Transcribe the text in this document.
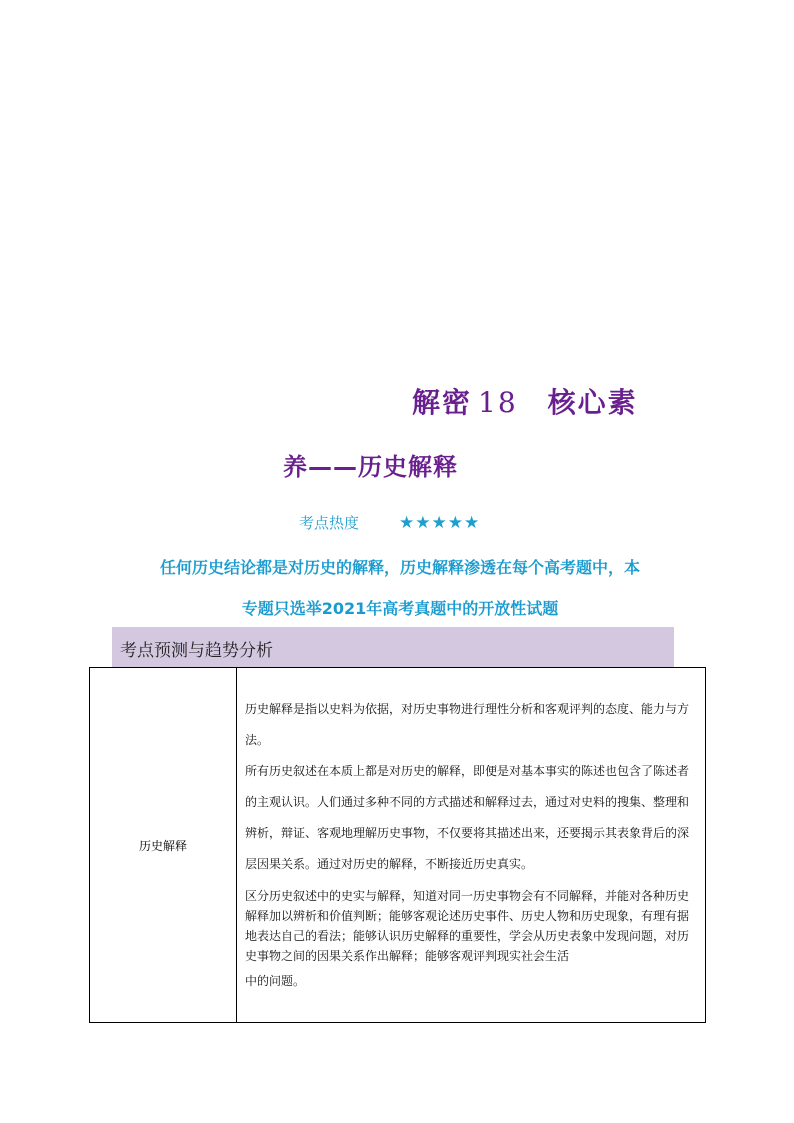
解密 18 核心素
养——历史解释
考点热度 ★★★★★
任何历史结论都是对历史的解释，历史解释渗透在每个高考题中，本
专题只选举2021年高考真题中的开放性试题
考点预测与趋势分析
历史解释	

历史解释是指以史料为依据，对历史事物进行理性分析和客观评判的态度、能力与方法。

所有历史叙述在本质上都是对历史的解释，即便是对基本事实的陈述也包含了陈述者的主观认识。人们通过多种不同的方式描述和解释过去，通过对史料的搜集、整理和辨析，辩证、客观地理解历史事物，不仅要将其描述出来，还要揭示其表象背后的深层因果关系。通过对历史的解释，不断接近历史真实。

区分历史叙述中的史实与解释，知道对同一历史事物会有不同解释，并能对各种历史解释加以辨析和价值判断；能够客观论述历史事件、历史人物和历史现象，有理有据地表达自己的看法；能够认识历史解释的重要性，学会从历史表象中发现问题，对历史事物之间的因果关系作出解释；能够客观评判现实社会生活

中的问题。
